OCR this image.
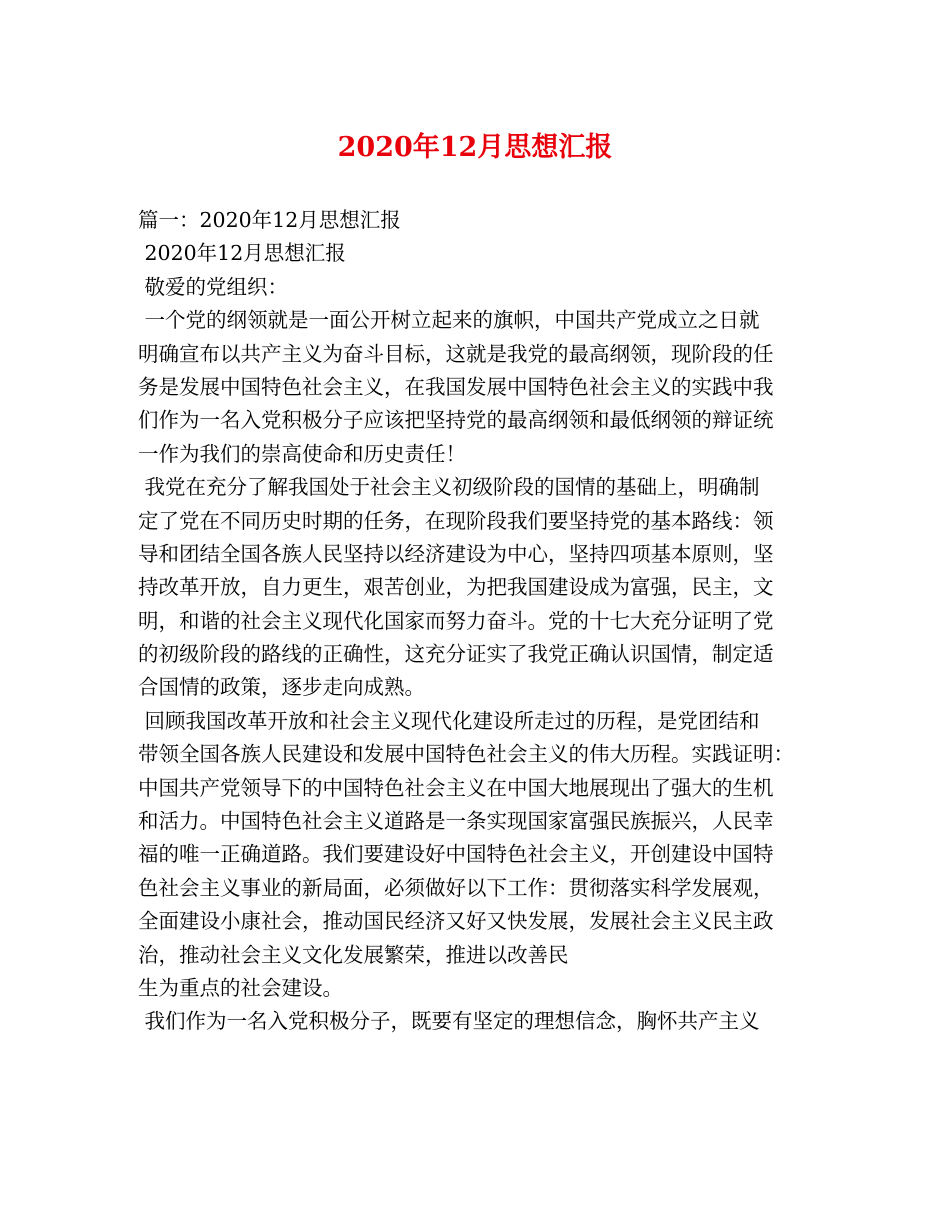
2020年12月思想汇报

篇一：2020年12月思想汇报

2020年12月思想汇报

敬爱的党组织：

一个党的纲领就是一面公开树立起来的旗帜，中国共产党成立之日就

明确宣布以共产主义为奋斗目标，这就是我党的最高纲领，现阶段的任

务是发展中国特色社会主义，在我国发展中国特色社会主义的实践中我

们作为一名入党积极分子应该把坚持党的最高纲领和最低纲领的辩证统

一作为我们的崇高使命和历史责任！

我党在充分了解我国处于社会主义初级阶段的国情的基础上，明确制

定了党在不同历史时期的任务，在现阶段我们要坚持党的基本路线：领

导和团结全国各族人民坚持以经济建设为中心，坚持四项基本原则，坚

持改革开放，自力更生，艰苦创业，为把我国建设成为富强，民主，文

明，和谐的社会主义现代化国家而努力奋斗。党的十七大充分证明了党

的初级阶段的路线的正确性，这充分证实了我党正确认识国情，制定适

合国情的政策，逐步走向成熟。

回顾我国改革开放和社会主义现代化建设所走过的历程，是党团结和

带领全国各族人民建设和发展中国特色社会主义的伟大历程。实践证明：

中国共产党领导下的中国特色社会主义在中国大地展现出了强大的生机

和活力。中国特色社会主义道路是一条实现国家富强民族振兴，人民幸

福的唯一正确道路。我们要建设好中国特色社会主义，开创建设中国特

色社会主义事业的新局面，必须做好以下工作：贯彻落实科学发展观，

全面建设小康社会，推动国民经济又好又快发展，发展社会主义民主政

治，推动社会主义文化发展繁荣，推进以改善民

生为重点的社会建设。

我们作为一名入党积极分子，既要有坚定的理想信念，胸怀共产主义
